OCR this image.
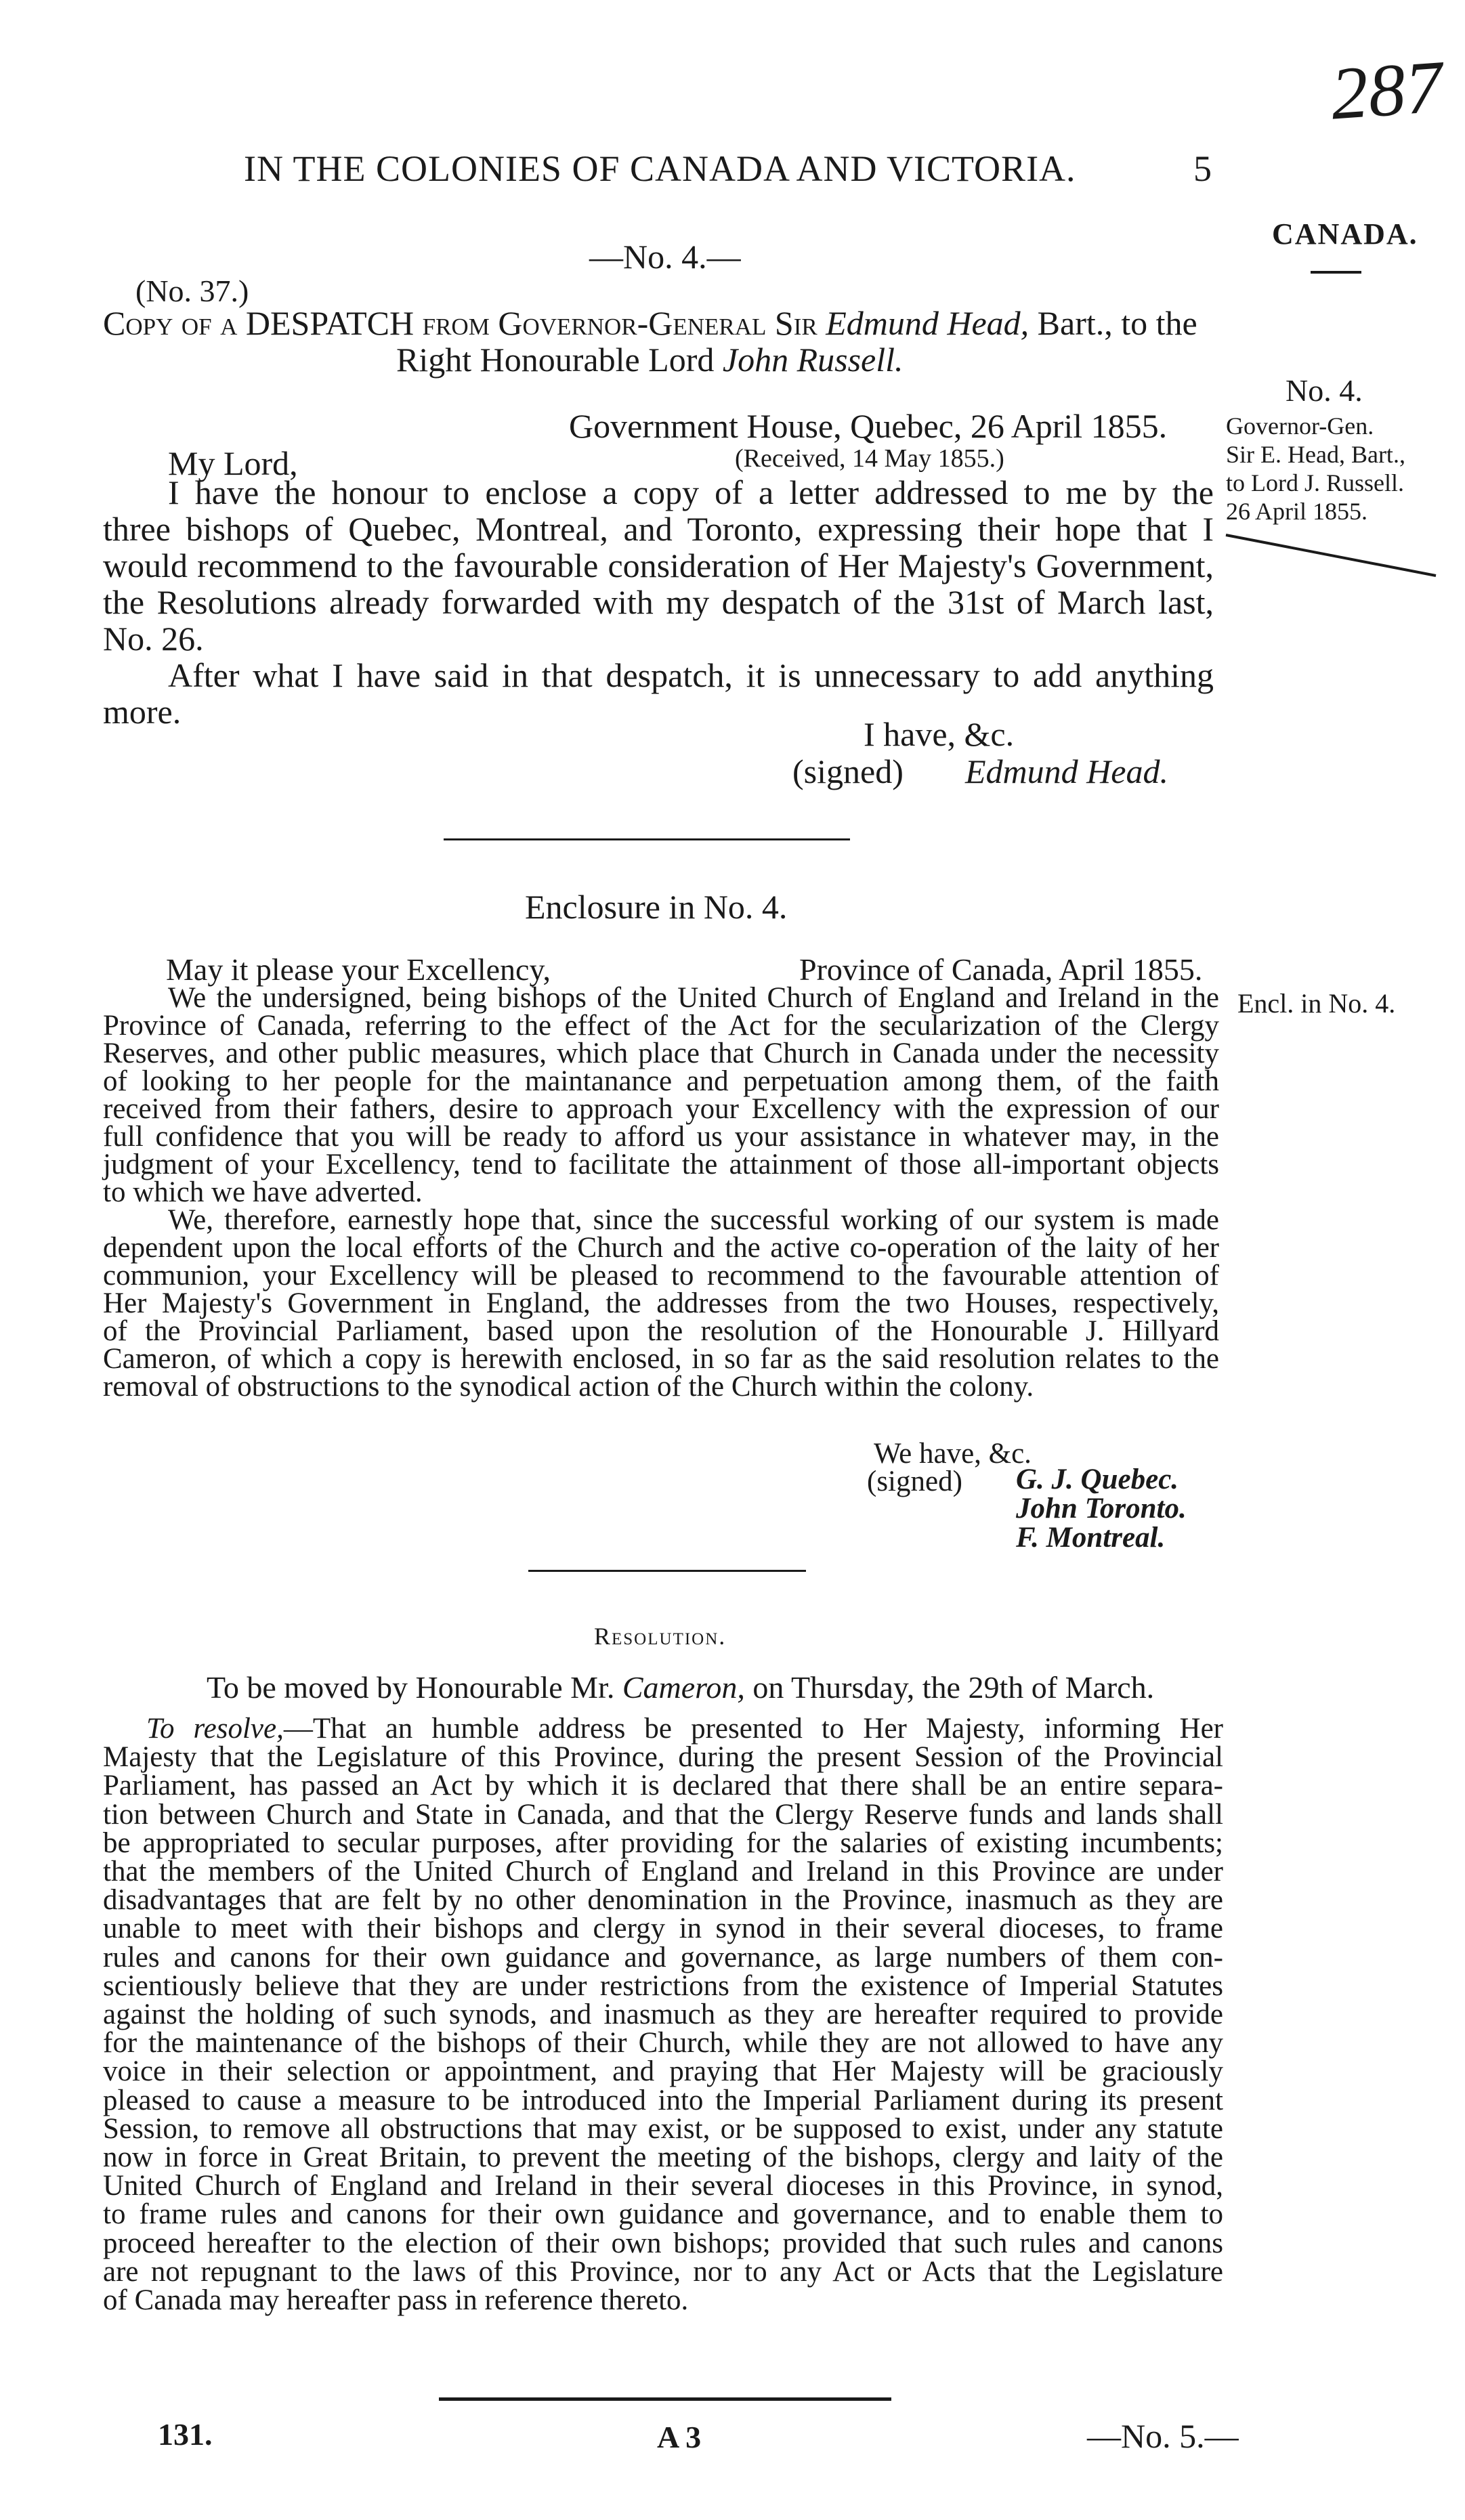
287
IN THE COLONIES OF CANADA AND VICTORIA.	5
CANADA.
—No. 4.—
(No. 37.)
Copy of a DESPATCH from Governor-General Sir Edmund Head, Bart., to the
Right Honourable Lord John Russell.
No. 4.
Governor-Gen.
Sir E. Head, Bart.,
to Lord J. Russell.
26 April 1855.
Government House, Quebec, 26 April 1855.
(Received, 14 May 1855.)
My Lord,
I have the honour to enclose a copy of a letter addressed to me by the
three bishops of Quebec, Montreal, and Toronto, expressing their hope that I
would recommend to the favourable consideration of Her Majesty's Government,
the Resolutions already forwarded with my despatch of the 31st of March last,
No. 26.
After what I have said in that despatch, it is unnecessary to add anything
more.
I have, &c.
(signed) Edmund Head.
Enclosure in No. 4.
May it please your Excellency,	Province of Canada, April 1855.
Encl. in No. 4.
We the undersigned, being bishops of the United Church of England and Ireland in the
Province of Canada, referring to the effect of the Act for the secularization of the Clergy
Reserves, and other public measures, which place that Church in Canada under the necessity
of looking to her people for the maintanance and perpetuation among them, of the faith
received from their fathers, desire to approach your Excellency with the expression of our
full confidence that you will be ready to afford us your assistance in whatever may, in the
judgment of your Excellency, tend to facilitate the attainment of those all-important objects
to which we have adverted.
We, therefore, earnestly hope that, since the successful working of our system is made
dependent upon the local efforts of the Church and the active co-operation of the laity of her
communion, your Excellency will be pleased to recommend to the favourable attention of
Her Majesty's Government in England, the addresses from the two Houses, respectively,
of the Provincial Parliament, based upon the resolution of the Honourable J. Hillyard
Cameron, of which a copy is herewith enclosed, in so far as the said resolution relates to the
removal of obstructions to the synodical action of the Church within the colony.
We have, &c.
(signed) G. J. Quebec.
John Toronto.
F. Montreal.
Resolution.
To be moved by Honourable Mr. Cameron, on Thursday, the 29th of March.
To resolve,—That an humble address be presented to Her Majesty, informing Her
Majesty that the Legislature of this Province, during the present Session of the Provincial
Parliament, has passed an Act by which it is declared that there shall be an entire separa-
tion between Church and State in Canada, and that the Clergy Reserve funds and lands shall
be appropriated to secular purposes, after providing for the salaries of existing incumbents;
that the members of the United Church of England and Ireland in this Province are under
disadvantages that are felt by no other denomination in the Province, inasmuch as they are
unable to meet with their bishops and clergy in synod in their several dioceses, to frame
rules and canons for their own guidance and governance, as large numbers of them con-
scientiously believe that they are under restrictions from the existence of Imperial Statutes
against the holding of such synods, and inasmuch as they are hereafter required to provide
for the maintenance of the bishops of their Church, while they are not allowed to have any
voice in their selection or appointment, and praying that Her Majesty will be graciously
pleased to cause a measure to be introduced into the Imperial Parliament during its present
Session, to remove all obstructions that may exist, or be supposed to exist, under any statute
now in force in Great Britain, to prevent the meeting of the bishops, clergy and laity of the
United Church of England and Ireland in their several dioceses in this Province, in synod,
to frame rules and canons for their own guidance and governance, and to enable them to
proceed hereafter to the election of their own bishops; provided that such rules and canons
are not repugnant to the laws of this Province, nor to any Act or Acts that the Legislature
of Canada may hereafter pass in reference thereto.
131.	A 3	—No. 5.—
